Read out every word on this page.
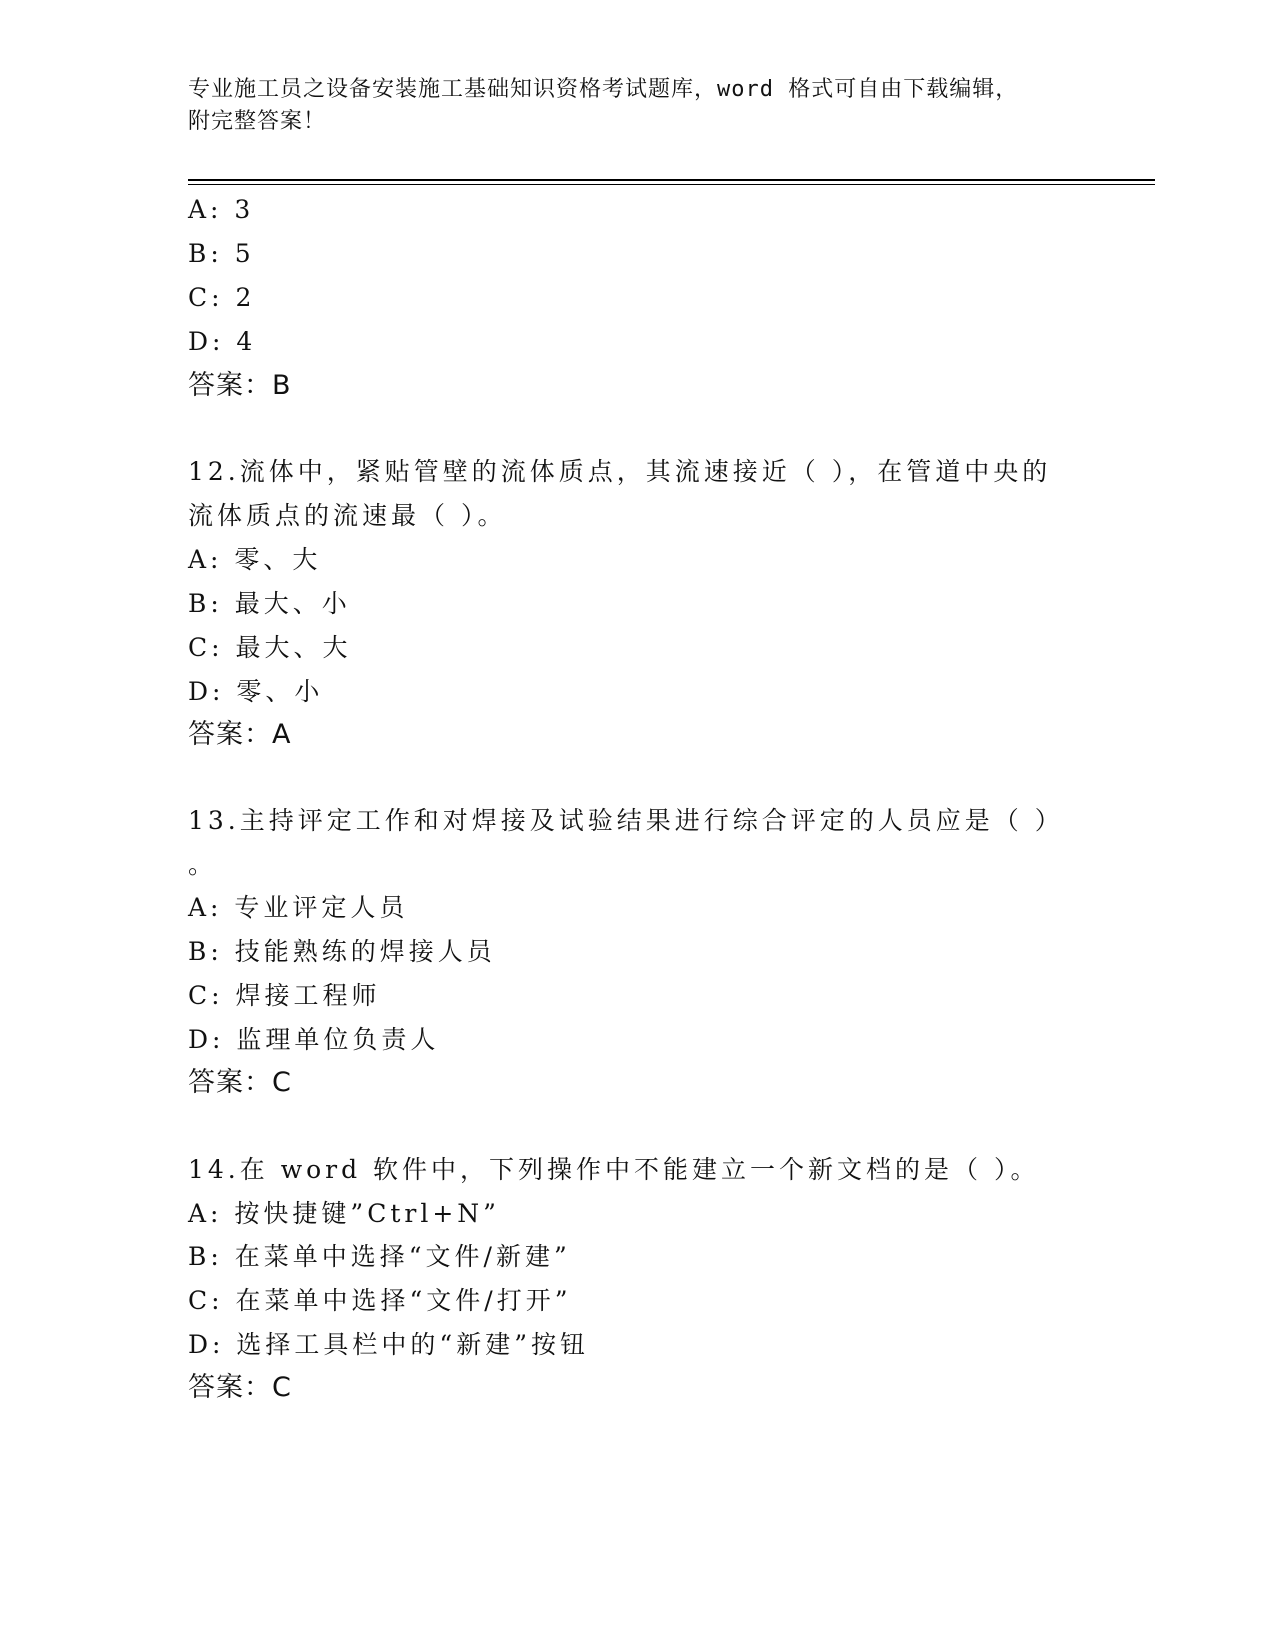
专业施工员之设备安装施工基础知识资格考试题库，word 格式可自由下载编辑，
附完整答案！
A: 3
B: 5
C: 2
D: 4
答案：B
12.流体中，紧贴管壁的流体质点，其流速接近（ ），在管道中央的
流体质点的流速最（ ）。
A: 零、大
B: 最大、小
C: 最大、大
D: 零、小
答案：A
13.主持评定工作和对焊接及试验结果进行综合评定的人员应是（ ）
。
A: 专业评定人员
B: 技能熟练的焊接人员
C: 焊接工程师
D: 监理单位负责人
答案：C
14.在 word 软件中，下列操作中不能建立一个新文档的是（ ）。
A: 按快捷键”Ctrl+N”
B: 在菜单中选择“文件/新建”
C: 在菜单中选择“文件/打开”
D: 选择工具栏中的“新建”按钮
答案：C
